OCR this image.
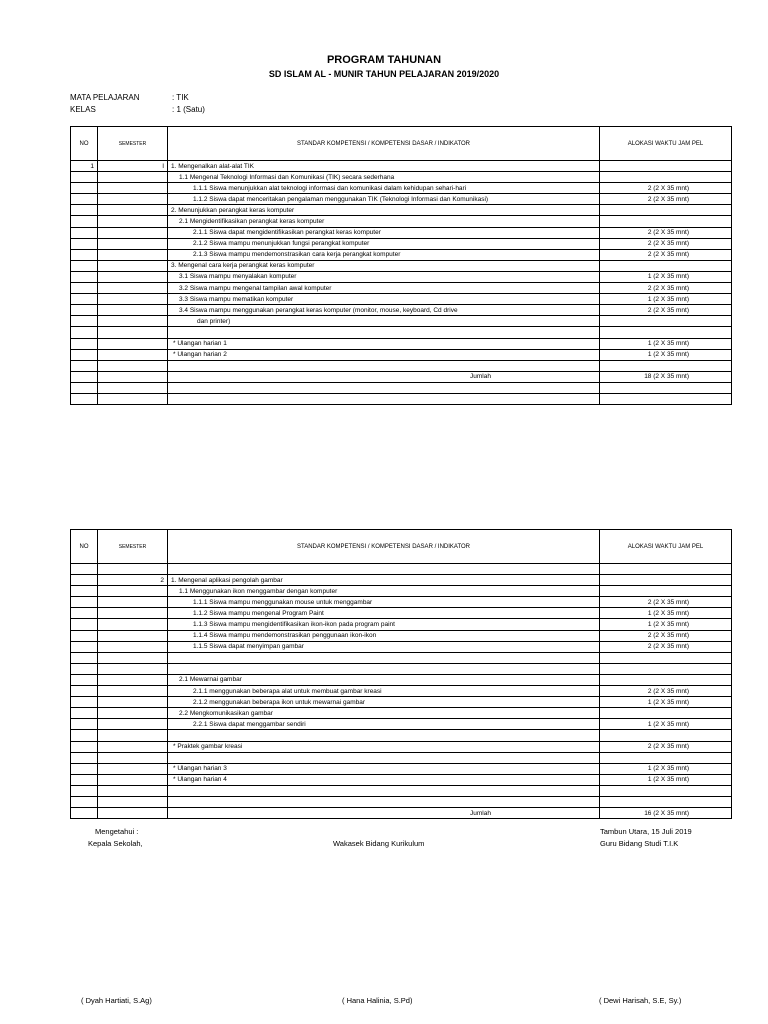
PROGRAM TAHUNAN
SD ISLAM AL - MUNIR TAHUN PELAJARAN 2019/2020
MATA PELAJARAN	: TIK
KELAS	: 1 (Satu)
NO	SEMESTER	STANDAR KOMPETENSI / KOMPETENSI DASAR / INDIKATOR	ALOKASI WAKTU JAM PEL
1	I	1. Mengenalkan alat-alat TIK	
		1.1 Mengenal Teknologi Informasi dan Komunikasi (TIK) secara sederhana	
		1.1.1 Siswa menunjukkan alat teknologi informasi dan komunikasi dalam kehidupan sehari-hari	2 (2 X 35 mnt)
		1.1.2 Siswa dapat menceritakan pengalaman menggunakan TIK (Teknologi Informasi dan Komunikasi)	2 (2 X 35 mnt)
		2. Menunjukkan perangkat keras komputer	
		2.1 Mengidentifikasikan perangkat keras komputer	
		2.1.1 Siswa dapat mengidentifikasikan perangkat keras komputer	2 (2 X 35 mnt)
		2.1.2 Siswa mampu menunjukkan fungsi perangkat komputer	2 (2 X 35 mnt)
		2.1.3 Siswa mampu mendemonstrasikan cara kerja perangkat komputer	2 (2 X 35 mnt)
		3. Mengenal cara kerja perangkat keras komputer	
		3.1 Siswa mampu menyalakan komputer	1 (2 X 35 mnt)
		3.2 Siswa mampu mengenal tampilan awal komputer	2 (2 X 35 mnt)
		3.3 Siswa mampu mematikan komputer	1 (2 X 35 mnt)
		3.4 Siswa mampu menggunakan perangkat keras komputer (monitor, mouse, keyboard, Cd drive	2 (2 X 35 mnt)
		dan printer)	

		* Ulangan harian 1	1 (2 X 35 mnt)
		* Ulangan harian 2	1 (2 X 35 mnt)

		Jumlah	18 (2 X 35 mnt)

NO	SEMESTER	STANDAR KOMPETENSI / KOMPETENSI DASAR / INDIKATOR	ALOKASI WAKTU JAM PEL

	2	1. Mengenal aplikasi pengolah gambar	
		1.1 Menggunakan ikon menggambar dengan komputer	
		1.1.1 Siswa mampu menggunakan mouse untuk menggambar	2 (2 X 35 mnt)
		1.1.2 Siswa mampu mengenal Program Paint	1 (2 X 35 mnt)
		1.1.3 Siswa mampu mengidentifikasikan ikon-ikon pada program paint	1 (2 X 35 mnt)
		1.1.4 Siswa mampu mendemonstrasikan penggunaan ikon-ikon	2 (2 X 35 mnt)
		1.1.5 Siswa dapat menyimpan gambar	2 (2 X 35 mnt)

		2.1 Mewarnai gambar	
		2.1.1 menggunakan beberapa alat untuk membuat gambar kreasi	2 (2 X 35 mnt)
		2.1.2 menggunakan beberapa ikon untuk mewarnai gambar	1 (2 X 35 mnt)
		2.2 Mengkomunikasikan gambar	
		2.2.1 Siswa dapat menggambar sendiri	1 (2 X 35 mnt)

		* Praktek gambar kreasi	2 (2 X 35 mnt)

		* Ulangan harian 3	1 (2 X 35 mnt)
		* Ulangan harian 4	1 (2 X 35 mnt)

		Jumlah	16 (2 X 35 mnt)
Mengetahui :
Kepala Sekolah,	Wakasek Bidang Kurikulum
Tambun Utara, 15 Juli 2019
Guru Bidang Studi T.I.K
( Dyah Hartiati, S.Ag)	( Hana Halinia, S.Pd)	( Dewi Harisah, S.E, Sy.)
